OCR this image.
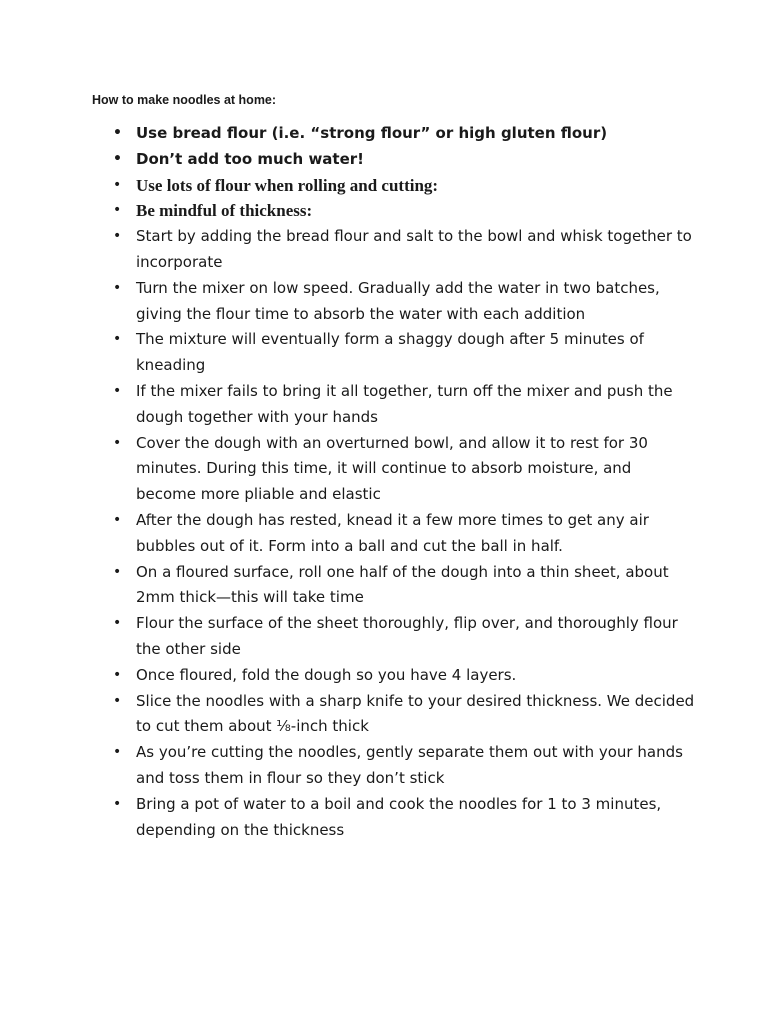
How to make noodles at home:
• Use bread flour (i.e. “strong flour” or high gluten flour)
• Don’t add too much water!
• Use lots of flour when rolling and cutting:
• Be mindful of thickness:
• Start by adding the bread flour and salt to the bowl and whisk together to incorporate
• Turn the mixer on low speed. Gradually add the water in two batches, giving the flour time to absorb the water with each addition
• The mixture will eventually form a shaggy dough after 5 minutes of kneading
• If the mixer fails to bring it all together, turn off the mixer and push the dough together with your hands
• Cover the dough with an overturned bowl, and allow it to rest for 30 minutes. During this time, it will continue to absorb moisture, and become more pliable and elastic
• After the dough has rested, knead it a few more times to get any air bubbles out of it. Form into a ball and cut the ball in half.
• On a floured surface, roll one half of the dough into a thin sheet, about 2mm thick—this will take time
• Flour the surface of the sheet thoroughly, flip over, and thoroughly flour the other side
• Once floured, fold the dough so you have 4 layers.
• Slice the noodles with a sharp knife to your desired thickness. We decided to cut them about ⅛-inch thick
• As you’re cutting the noodles, gently separate them out with your hands and toss them in flour so they don’t stick
• Bring a pot of water to a boil and cook the noodles for 1 to 3 minutes, depending on the thickness
